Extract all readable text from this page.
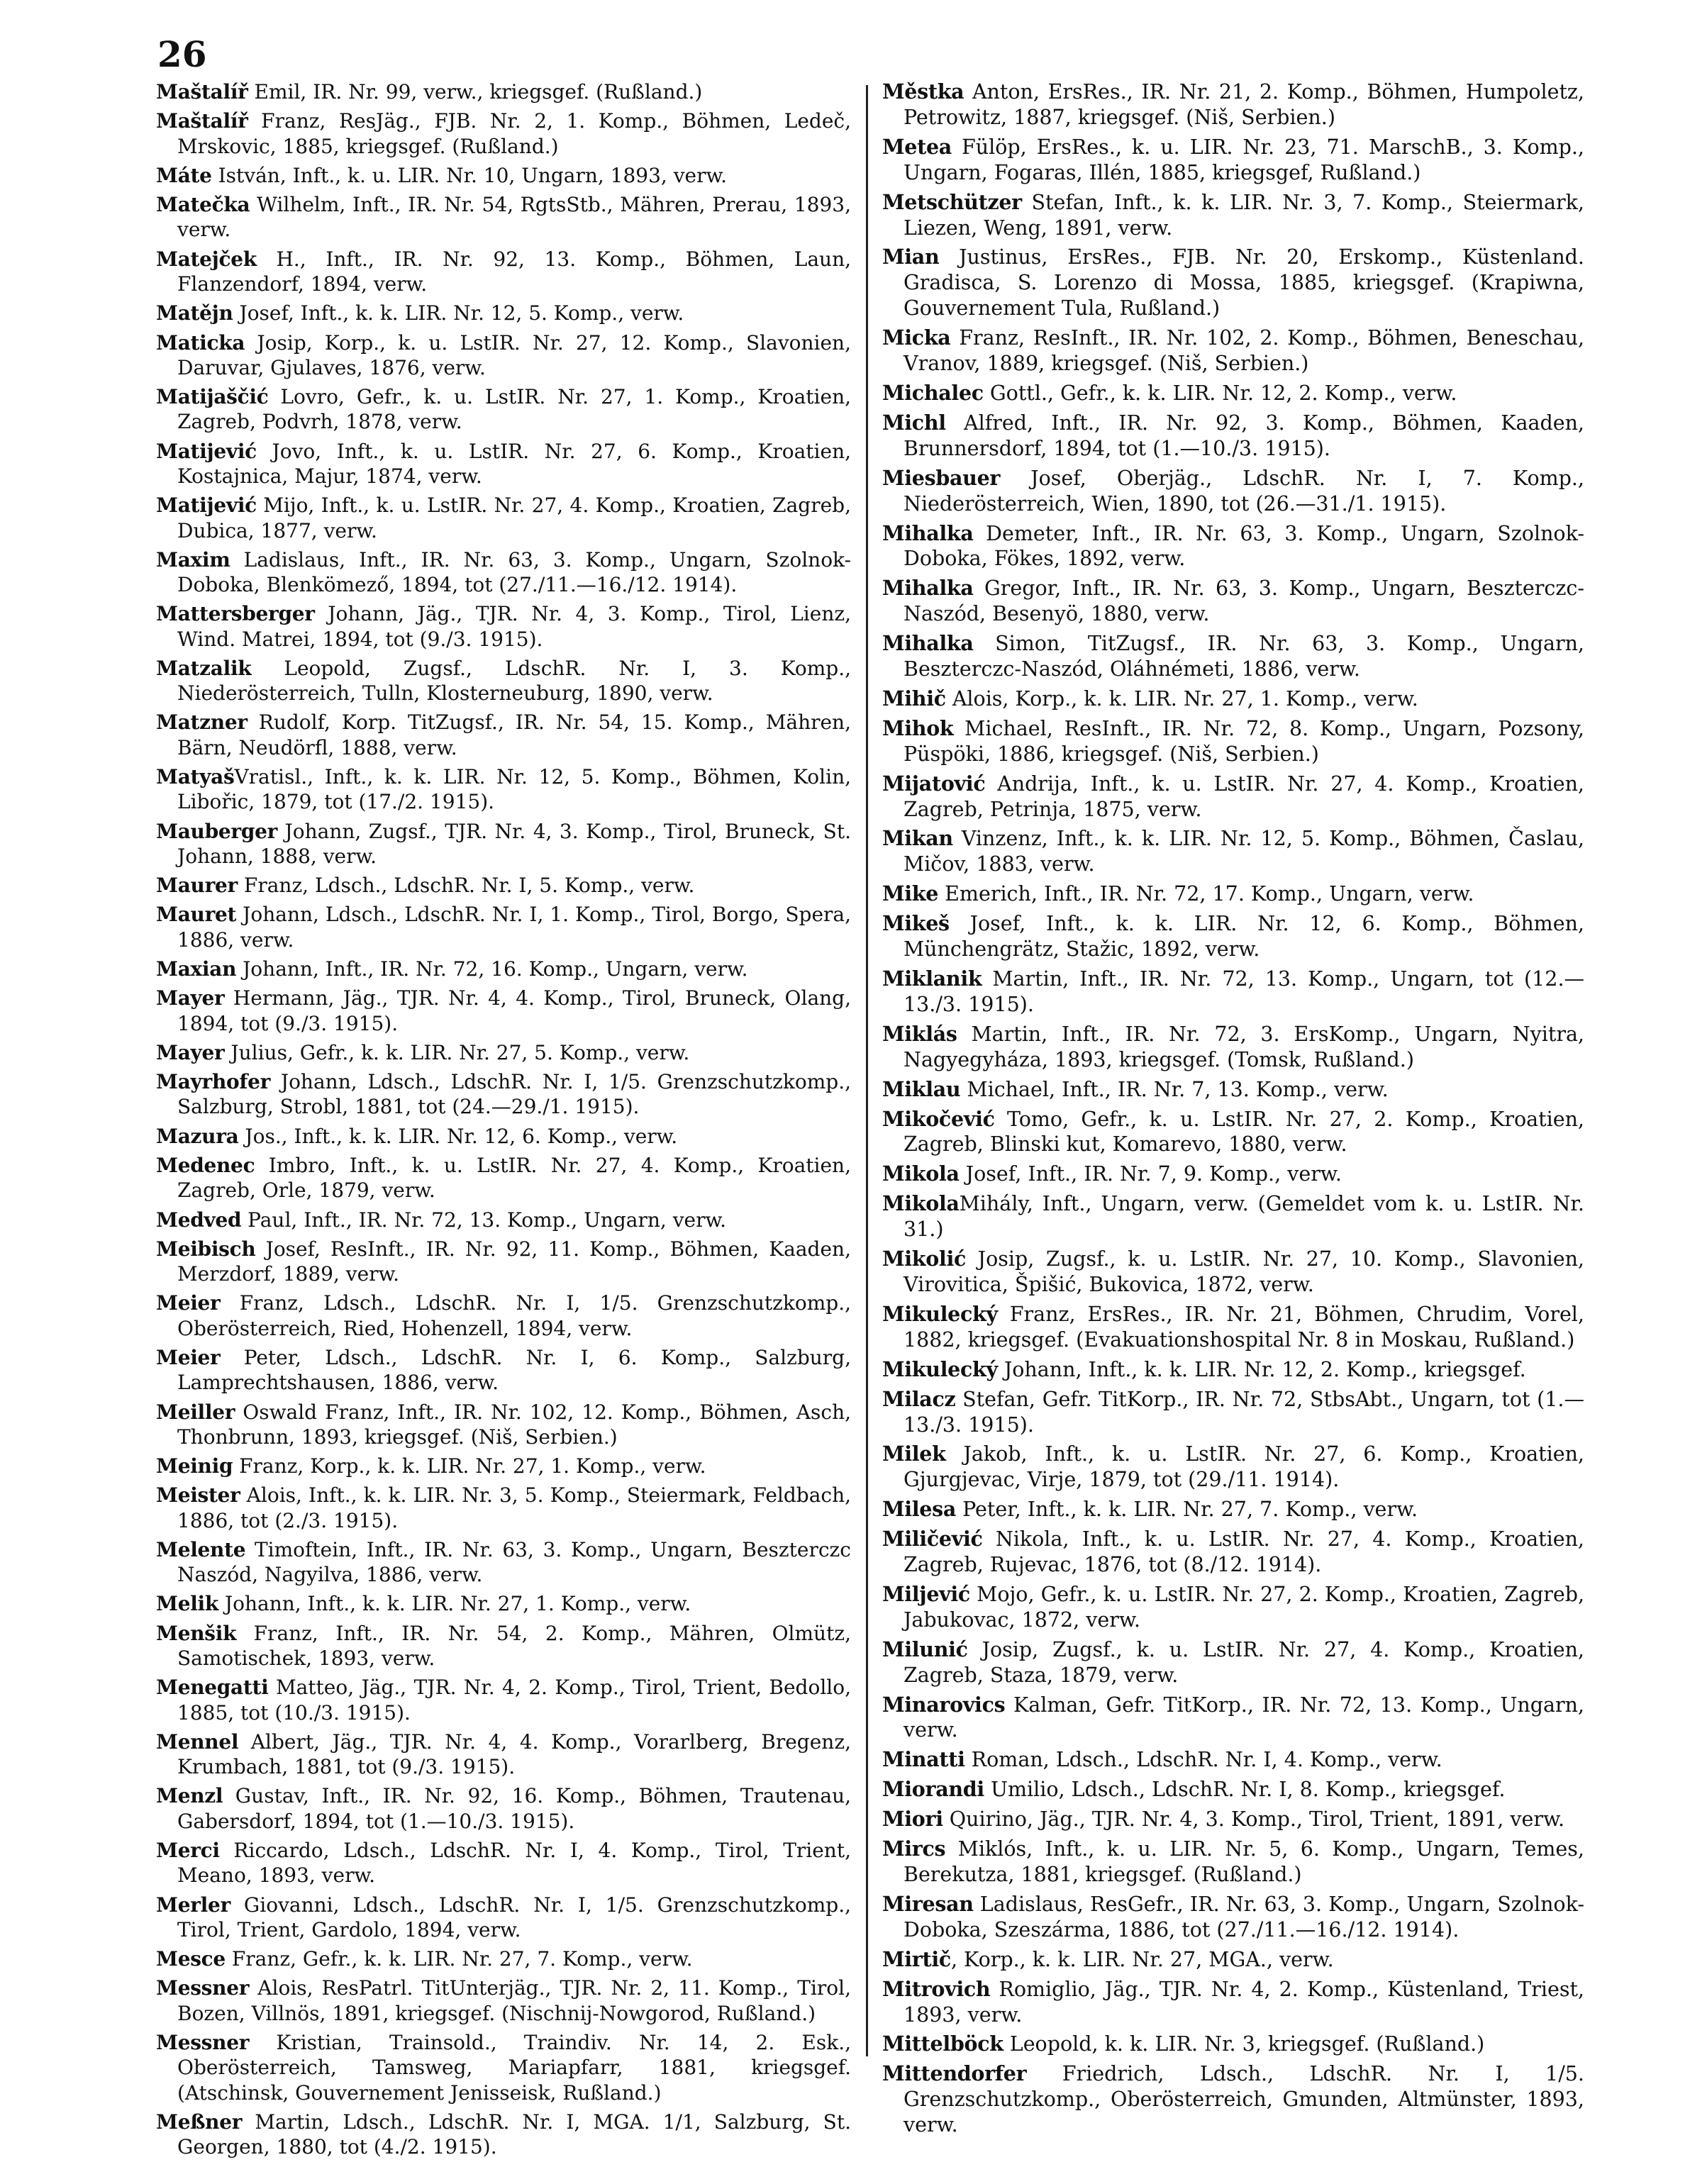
26

Maštalíř Emil, IR. Nr. 99, verw., kriegsgef. (Rußland.)

Maštalíř Franz, ResJäg., FJB. Nr. 2, 1. Komp., Böhmen, Ledeč, Mrskovic, 1885, kriegsgef. (Rußland.)

Máte István, Inft., k. u. LIR. Nr. 10, Ungarn, 1893, verw.

Matečka Wilhelm, Inft., IR. Nr. 54, RgtsStb., Mähren, Prerau, 1893, verw.

Matejček H., Inft., IR. Nr. 92, 13. Komp., Böhmen, Laun, Flanzendorf, 1894, verw.

Matějn Josef, Inft., k. k. LIR. Nr. 12, 5. Komp., verw.

Maticka Josip, Korp., k. u. LstIR. Nr. 27, 12. Komp., Slavonien, Daruvar, Gjulaves, 1876, verw.

Matijaščić Lovro, Gefr., k. u. LstIR. Nr. 27, 1. Komp., Kroatien, Zagreb, Podvrh, 1878, verw.

Matijević Jovo, Inft., k. u. LstIR. Nr. 27, 6. Komp., Kroatien, Kostajnica, Majur, 1874, verw.

Matijević Mijo, Inft., k. u. LstIR. Nr. 27, 4. Komp., Kroatien, Zagreb, Dubica, 1877, verw.

Maxim Ladislaus, Inft., IR. Nr. 63, 3. Komp., Ungarn, Szolnok-Doboka, Blenkömező, 1894, tot (27./11.—16./12. 1914).

Mattersberger Johann, Jäg., TJR. Nr. 4, 3. Komp., Tirol, Lienz, Wind. Matrei, 1894, tot (9./3. 1915).

Matzalik Leopold, Zugsf., LdschR. Nr. I, 3. Komp., Niederösterreich, Tulln, Klosterneuburg, 1890, verw.

Matzner Rudolf, Korp. TitZugsf., IR. Nr. 54, 15. Komp., Mähren, Bärn, Neudörfl, 1888, verw.

MatyašVratisl., Inft., k. k. LIR. Nr. 12, 5. Komp., Böhmen, Kolin, Libořic, 1879, tot (17./2. 1915).

Mauberger Johann, Zugsf., TJR. Nr. 4, 3. Komp., Tirol, Bruneck, St. Johann, 1888, verw.

Maurer Franz, Ldsch., LdschR. Nr. I, 5. Komp., verw.

Mauret Johann, Ldsch., LdschR. Nr. I, 1. Komp., Tirol, Borgo, Spera, 1886, verw.

Maxian Johann, Inft., IR. Nr. 72, 16. Komp., Ungarn, verw.

Mayer Hermann, Jäg., TJR. Nr. 4, 4. Komp., Tirol, Bruneck, Olang, 1894, tot (9./3. 1915).

Mayer Julius, Gefr., k. k. LIR. Nr. 27, 5. Komp., verw.

Mayrhofer Johann, Ldsch., LdschR. Nr. I, 1/5. Grenzschutzkomp., Salzburg, Strobl, 1881, tot (24.—29./1. 1915).

Mazura Jos., Inft., k. k. LIR. Nr. 12, 6. Komp., verw.

Medenec Imbro, Inft., k. u. LstIR. Nr. 27, 4. Komp., Kroatien, Zagreb, Orle, 1879, verw.

Medved Paul, Inft., IR. Nr. 72, 13. Komp., Ungarn, verw.

Meibisch Josef, ResInft., IR. Nr. 92, 11. Komp., Böhmen, Kaaden, Merzdorf, 1889, verw.

Meier Franz, Ldsch., LdschR. Nr. I, 1/5. Grenzschutzkomp., Oberösterreich, Ried, Hohenzell, 1894, verw.

Meier Peter, Ldsch., LdschR. Nr. I, 6. Komp., Salzburg, Lamprechtshausen, 1886, verw.

Meiller Oswald Franz, Inft., IR. Nr. 102, 12. Komp., Böhmen, Asch, Thonbrunn, 1893, kriegsgef. (Niš, Serbien.)

Meinig Franz, Korp., k. k. LIR. Nr. 27, 1. Komp., verw.

Meister Alois, Inft., k. k. LIR. Nr. 3, 5. Komp., Steiermark, Feldbach, 1886, tot (2./3. 1915).

Melente Timoftein, Inft., IR. Nr. 63, 3. Komp., Ungarn, Beszterczc Naszód, Nagyilva, 1886, verw.

Melik Johann, Inft., k. k. LIR. Nr. 27, 1. Komp., verw.

Menšik Franz, Inft., IR. Nr. 54, 2. Komp., Mähren, Olmütz, Samotischek, 1893, verw.

Menegatti Matteo, Jäg., TJR. Nr. 4, 2. Komp., Tirol, Trient, Bedollo, 1885, tot (10./3. 1915).

Mennel Albert, Jäg., TJR. Nr. 4, 4. Komp., Vorarlberg, Bregenz, Krumbach, 1881, tot (9./3. 1915).

Menzl Gustav, Inft., IR. Nr. 92, 16. Komp., Böhmen, Trautenau, Gabersdorf, 1894, tot (1.—10./3. 1915).

Merci Riccardo, Ldsch., LdschR. Nr. I, 4. Komp., Tirol, Trient, Meano, 1893, verw.

Merler Giovanni, Ldsch., LdschR. Nr. I, 1/5. Grenzschutzkomp., Tirol, Trient, Gardolo, 1894, verw.

Mesce Franz, Gefr., k. k. LIR. Nr. 27, 7. Komp., verw.

Messner Alois, ResPatrl. TitUnterjäg., TJR. Nr. 2, 11. Komp., Tirol, Bozen, Villnös, 1891, kriegsgef. (Nischnij-Nowgorod, Rußland.)

Messner Kristian, Trainsold., Traindiv. Nr. 14, 2. Esk., Oberösterreich, Tamsweg, Mariapfarr, 1881, kriegsgef. (Atschinsk, Gouvernement Jenisseisk, Rußland.)

Meßner Martin, Ldsch., LdschR. Nr. I, MGA. 1/1, Salzburg, St. Georgen, 1880, tot (4./2. 1915).

Městka Anton, ErsRes., IR. Nr. 21, 2. Komp., Böhmen, Humpoletz, Petrowitz, 1887, kriegsgef. (Niš, Serbien.)

Metea Fülöp, ErsRes., k. u. LIR. Nr. 23, 71. MarschB., 3. Komp., Ungarn, Fogaras, Illén, 1885, kriegsgef, Rußland.)

Metschützer Stefan, Inft., k. k. LIR. Nr. 3, 7. Komp., Steiermark, Liezen, Weng, 1891, verw.

Mian Justinus, ErsRes., FJB. Nr. 20, Erskomp., Küstenland. Gradisca, S. Lorenzo di Mossa, 1885, kriegsgef. (Krapiwna, Gouvernement Tula, Rußland.)

Micka Franz, ResInft., IR. Nr. 102, 2. Komp., Böhmen, Beneschau, Vranov, 1889, kriegsgef. (Niš, Serbien.)

Michalec Gottl., Gefr., k. k. LIR. Nr. 12, 2. Komp., verw.

Michl Alfred, Inft., IR. Nr. 92, 3. Komp., Böhmen, Kaaden, Brunnersdorf, 1894, tot (1.—10./3. 1915).

Miesbauer Josef, Oberjäg., LdschR. Nr. I, 7. Komp., Niederösterreich, Wien, 1890, tot (26.—31./1. 1915).

Mihalka Demeter, Inft., IR. Nr. 63, 3. Komp., Ungarn, Szolnok-Doboka, Fökes, 1892, verw.

Mihalka Gregor, Inft., IR. Nr. 63, 3. Komp., Ungarn, Beszterczc-Naszód, Besenyö, 1880, verw.

Mihalka Simon, TitZugsf., IR. Nr. 63, 3. Komp., Ungarn, Beszterczc-Naszód, Oláhnémeti, 1886, verw.

Mihič Alois, Korp., k. k. LIR. Nr. 27, 1. Komp., verw.

Mihok Michael, ResInft., IR. Nr. 72, 8. Komp., Ungarn, Pozsony, Püspöki, 1886, kriegsgef. (Niš, Serbien.)

Mijatović Andrija, Inft., k. u. LstIR. Nr. 27, 4. Komp., Kroatien, Zagreb, Petrinja, 1875, verw.

Mikan Vinzenz, Inft., k. k. LIR. Nr. 12, 5. Komp., Böhmen, Časlau, Mičov, 1883, verw.

Mike Emerich, Inft., IR. Nr. 72, 17. Komp., Ungarn, verw.

Mikeš Josef, Inft., k. k. LIR. Nr. 12, 6. Komp., Böhmen, Münchengrätz, Stažic, 1892, verw.

Miklanik Martin, Inft., IR. Nr. 72, 13. Komp., Ungarn, tot (12.—13./3. 1915).

Miklás Martin, Inft., IR. Nr. 72, 3. ErsKomp., Ungarn, Nyitra, Nagyegyháza, 1893, kriegsgef. (Tomsk, Rußland.)

Miklau Michael, Inft., IR. Nr. 7, 13. Komp., verw.

Mikočević Tomo, Gefr., k. u. LstIR. Nr. 27, 2. Komp., Kroatien, Zagreb, Blinski kut, Komarevo, 1880, verw.

Mikola Josef, Inft., IR. Nr. 7, 9. Komp., verw.

MikolaMihály, Inft., Ungarn, verw. (Gemeldet vom k. u. LstIR. Nr. 31.)

Mikolić Josip, Zugsf., k. u. LstIR. Nr. 27, 10. Komp., Slavonien, Virovitica, Špišić, Bukovica, 1872, verw.

Mikulecký Franz, ErsRes., IR. Nr. 21, Böhmen, Chrudim, Vorel, 1882, kriegsgef. (Evakuationshospital Nr. 8 in Moskau, Rußland.)

Mikulecký Johann, Inft., k. k. LIR. Nr. 12, 2. Komp., kriegsgef.

Milacz Stefan, Gefr. TitKorp., IR. Nr. 72, StbsAbt., Ungarn, tot (1.—13./3. 1915).

Milek Jakob, Inft., k. u. LstIR. Nr. 27, 6. Komp., Kroatien, Gjurgjevac, Virje, 1879, tot (29./11. 1914).

Milesa Peter, Inft., k. k. LIR. Nr. 27, 7. Komp., verw.

Miličević Nikola, Inft., k. u. LstIR. Nr. 27, 4. Komp., Kroatien, Zagreb, Rujevac, 1876, tot (8./12. 1914).

Miljević Mojo, Gefr., k. u. LstIR. Nr. 27, 2. Komp., Kroatien, Zagreb, Jabukovac, 1872, verw.

Milunić Josip, Zugsf., k. u. LstIR. Nr. 27, 4. Komp., Kroatien, Zagreb, Staza, 1879, verw.

Minarovics Kalman, Gefr. TitKorp., IR. Nr. 72, 13. Komp., Ungarn, verw.

Minatti Roman, Ldsch., LdschR. Nr. I, 4. Komp., verw.

Miorandi Umilio, Ldsch., LdschR. Nr. I, 8. Komp., kriegsgef.

Miori Quirino, Jäg., TJR. Nr. 4, 3. Komp., Tirol, Trient, 1891, verw.

Mircs Miklós, Inft., k. u. LIR. Nr. 5, 6. Komp., Ungarn, Temes, Berekutza, 1881, kriegsgef. (Rußland.)

Miresan Ladislaus, ResGefr., IR. Nr. 63, 3. Komp., Ungarn, Szolnok-Doboka, Szeszárma, 1886, tot (27./11.—16./12. 1914).

Mirtič, Korp., k. k. LIR. Nr. 27, MGA., verw.

Mitrovich Romiglio, Jäg., TJR. Nr. 4, 2. Komp., Küstenland, Triest, 1893, verw.

Mittelböck Leopold, k. k. LIR. Nr. 3, kriegsgef. (Rußland.)

Mittendorfer Friedrich, Ldsch., LdschR. Nr. I, 1/5. Grenzschutzkomp., Oberösterreich, Gmunden, Altmünster, 1893, verw.
